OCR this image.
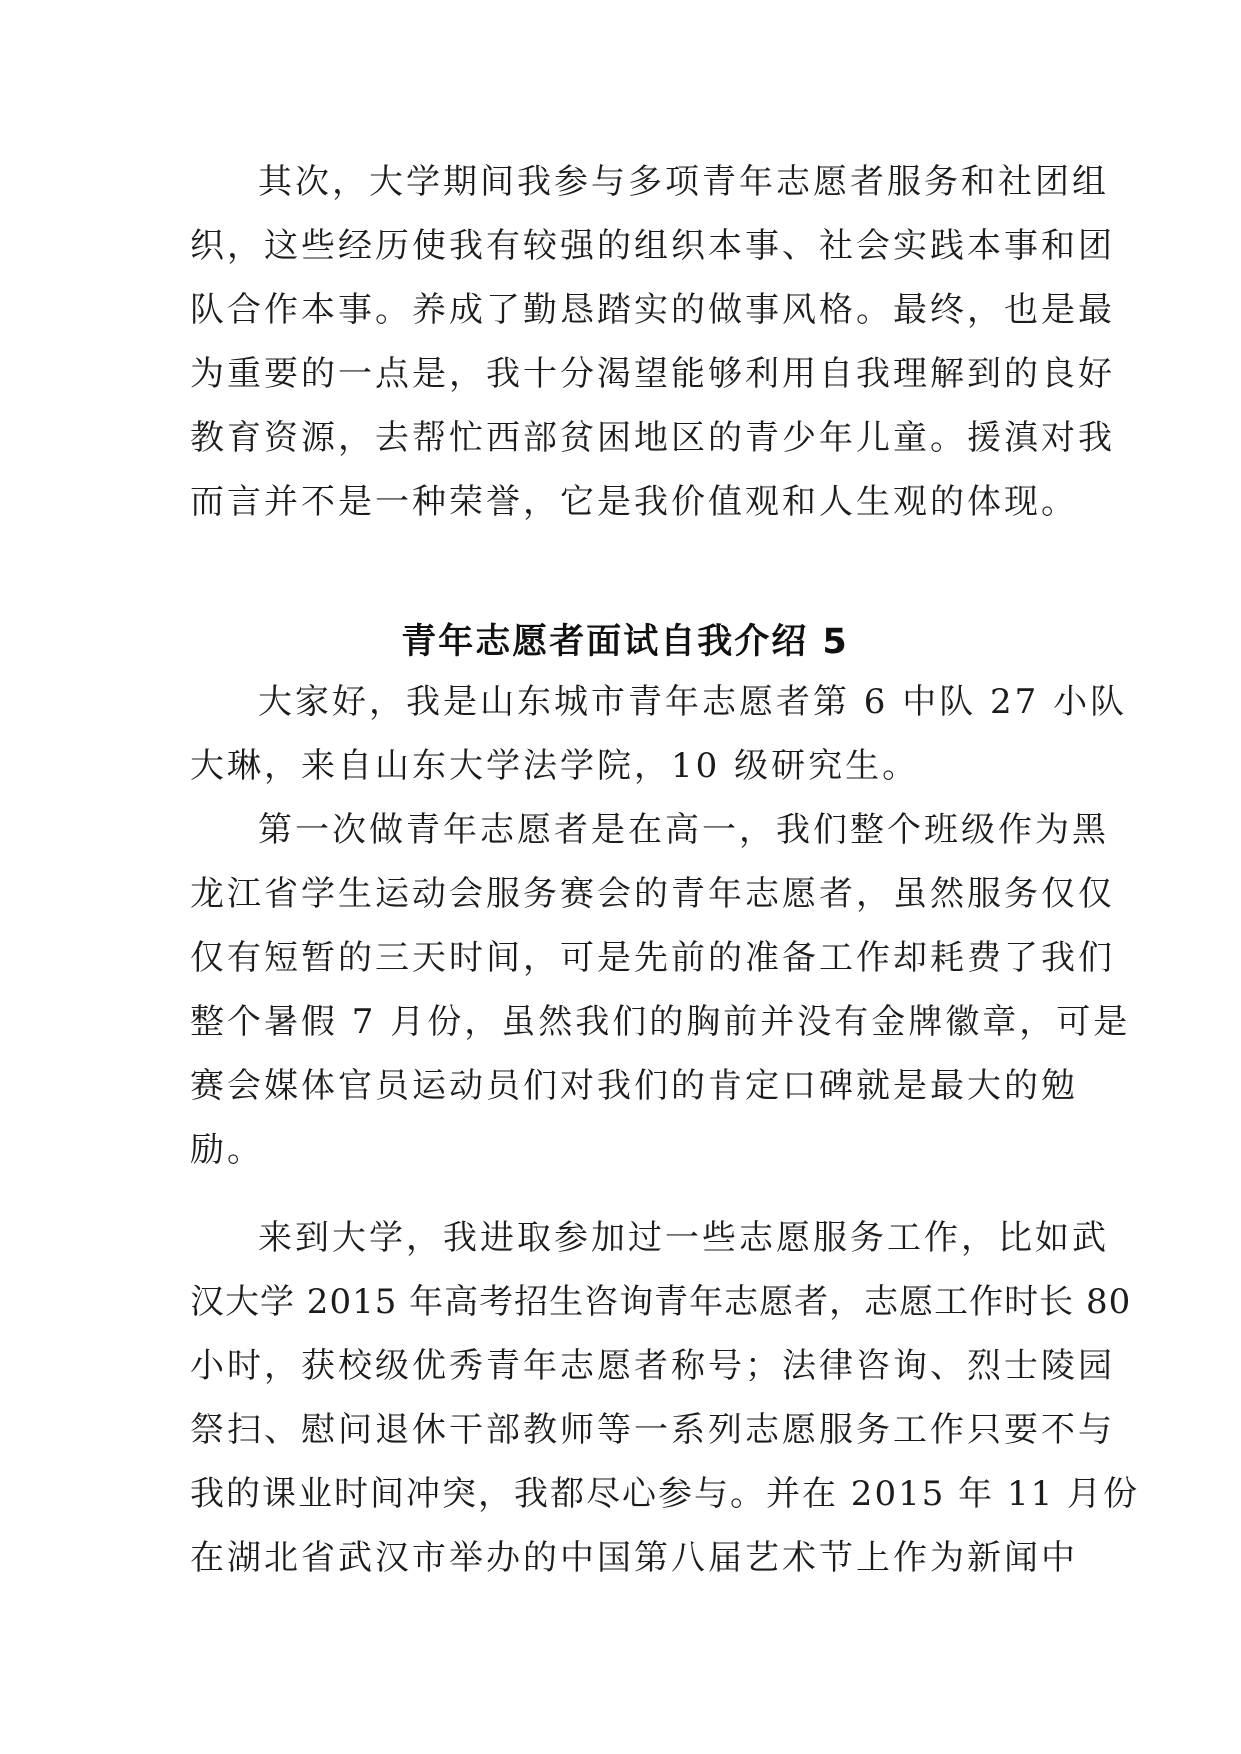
其次，大学期间我参与多项青年志愿者服务和社团组
织，这些经历使我有较强的组织本事、社会实践本事和团
队合作本事。养成了勤恳踏实的做事风格。最终，也是最
为重要的一点是，我十分渴望能够利用自我理解到的良好
教育资源，去帮忙西部贫困地区的青少年儿童。援滇对我
而言并不是一种荣誉，它是我价值观和人生观的体现。
青年志愿者面试自我介绍 5
大家好，我是山东城市青年志愿者第 6 中队 27 小队
大琳，来自山东大学法学院，10 级研究生。
第一次做青年志愿者是在高一，我们整个班级作为黑
龙江省学生运动会服务赛会的青年志愿者，虽然服务仅仅
仅有短暂的三天时间，可是先前的准备工作却耗费了我们
整个暑假 7 月份，虽然我们的胸前并没有金牌徽章，可是
赛会媒体官员运动员们对我们的肯定口碑就是最大的勉
励。
来到大学，我进取参加过一些志愿服务工作，比如武
汉大学 2015 年高考招生咨询青年志愿者，志愿工作时长 80
小时，获校级优秀青年志愿者称号；法律咨询、烈士陵园
祭扫、慰问退休干部教师等一系列志愿服务工作只要不与
我的课业时间冲突，我都尽心参与。并在 2015 年 11 月份
在湖北省武汉市举办的中国第八届艺术节上作为新闻中
